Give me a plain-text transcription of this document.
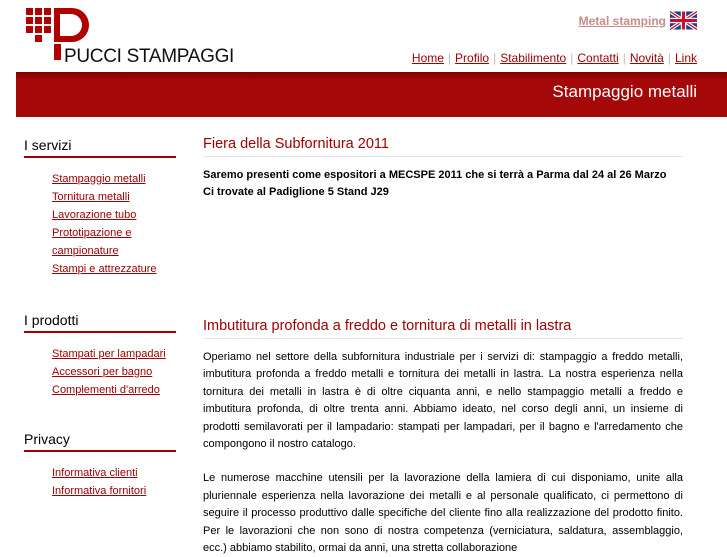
PUCCI STAMPAGGI
Metal stamping
Home | Profilo | Stabilimento | Contatti | Novità | Link
Stampaggio metalli
I servizi
Stampaggio metalli
Tornitura metalli
Lavorazione tubo
Prototipazione e
campionature
Stampi e attrezzature
I prodotti
Stampati per lampadari
Accessori per bagno
Complementi d'arredo
Privacy
Informativa clienti
Informativa fornitori
Fiera della Subfornitura 2011

Saremo presenti come espositori a MECSPE 2011 che si terrà a Parma dal 24 al 26 Marzo

Ci trovate al Padiglione 5 Stand J29

Imbutitura profonda a freddo e tornitura di metalli in lastra

Operiamo nel settore della subfornitura industriale per i servizi di: stampaggio a freddo metalli, imbutitura profonda a freddo metalli e tornitura dei metalli in lastra. La nostra esperienza nella tornitura dei metalli in lastra è di oltre ciquanta anni, e nello stampaggio metalli a freddo e imbutitura profonda, di oltre trenta anni. Abbiamo ideato, nel corso degli anni, un insieme di prodotti semilavorati per il lampadario: stampati per lampadari, per il bagno e l'arredamento che compongono il nostro catalogo.

Le numerose macchine utensili per la lavorazione della lamiera di cui disponiamo, unite alla pluriennale esperienza nella lavorazione dei metalli e al personale qualificato, ci permettono di seguire il processo produttivo dalle specifiche del cliente fino alla realizzazione del prodotto finito. Per le lavorazioni che non sono di nostra competenza (verniciatura, saldatura, assemblaggio, ecc.) abbiamo stabilito, ormai da anni, una stretta collaborazione
